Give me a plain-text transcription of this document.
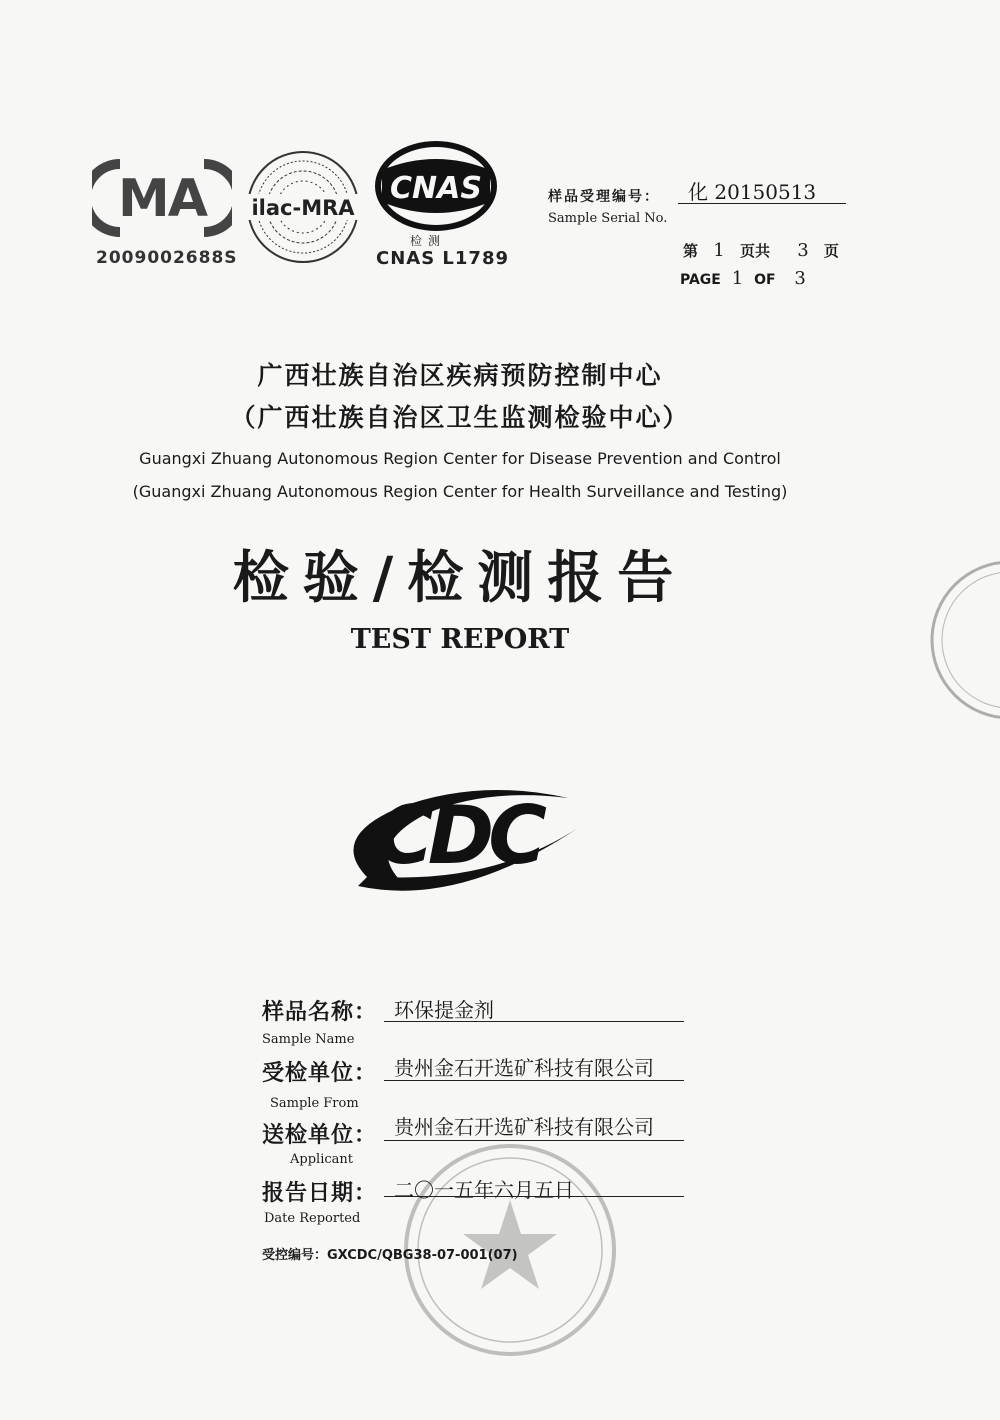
MA
2009002688S
ilac-MRA
CNAS
检测
CNAS L1789
样品受理编号： 化 20150513
Sample Serial No.
第 1 页共 3 页
PAGE 1 OF 3
广西壮族自治区疾病预防控制中心
（广西壮族自治区卫生监测检验中心）
Guangxi Zhuang Autonomous Region Center for Disease Prevention and Control
(Guangxi Zhuang Autonomous Region Center for Health Surveillance and Testing)
检验/检测报告
TEST REPORT
CDC
样品名称： 环保提金剂
Sample Name
受检单位： 贵州金石开选矿科技有限公司
Sample From
送检单位： 贵州金石开选矿科技有限公司
Applicant
报告日期： 二〇一五年六月五日
Date Reported
受控编号：GXCDC/QBG38-07-001(07)
